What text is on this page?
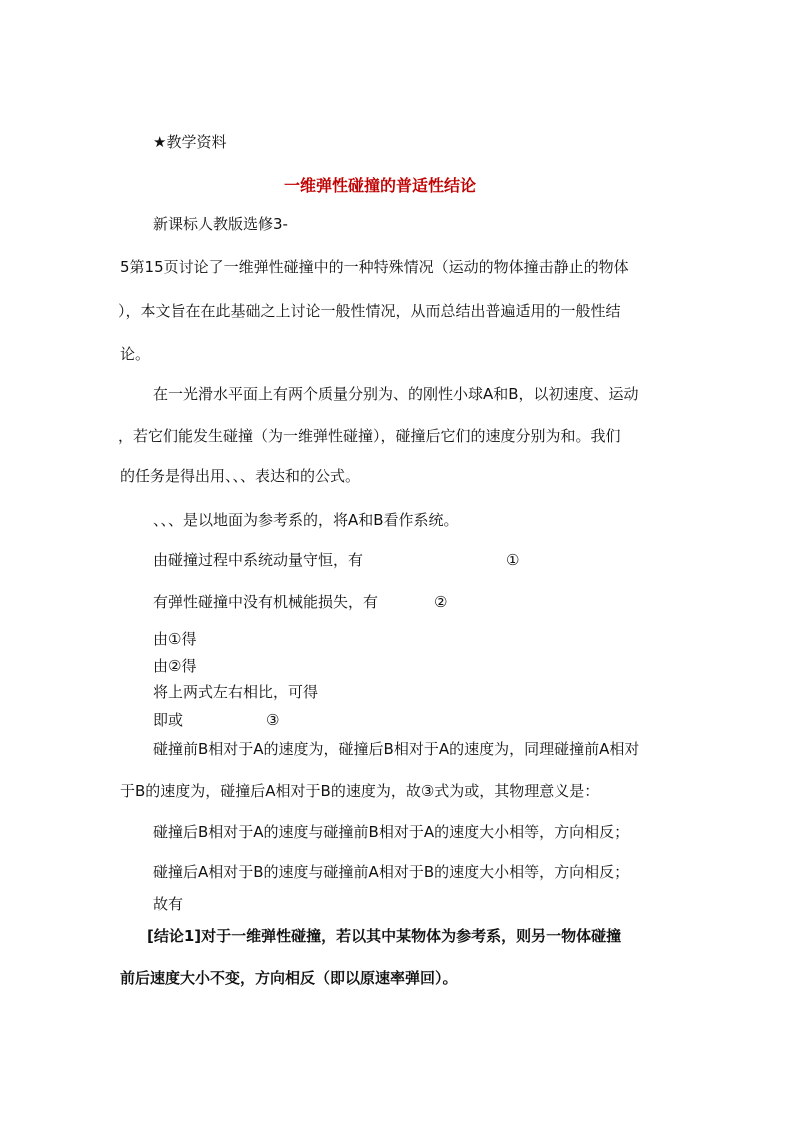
★教学资料
一维弹性碰撞的普适性结论
新课标人教版选修3-
5第15页讨论了一维弹性碰撞中的一种特殊情况（运动的物体撞击静止的物体
），本文旨在在此基础之上讨论一般性情况，从而总结出普遍适用的一般性结
论。
在一光滑水平面上有两个质量分别为、的刚性小球A和B，以初速度、运动
，若它们能发生碰撞（为一维弹性碰撞），碰撞后它们的速度分别为和。我们
的任务是得出用、、、表达和的公式。
、、、是以地面为参考系的，将A和B看作系统。
由碰撞过程中系统动量守恒，有	①
有弹性碰撞中没有机械能损失，有	②
由①得
由②得
将上两式左右相比，可得
即或	③
碰撞前B相对于A的速度为，碰撞后B相对于A的速度为，同理碰撞前A相对
于B的速度为，碰撞后A相对于B的速度为，故③式为或，其物理意义是：
碰撞后B相对于A的速度与碰撞前B相对于A的速度大小相等，方向相反；
碰撞后A相对于B的速度与碰撞前A相对于B的速度大小相等，方向相反；
故有
[结论1]对于一维弹性碰撞，若以其中某物体为参考系，则另一物体碰撞
前后速度大小不变，方向相反（即以原速率弹回）。
